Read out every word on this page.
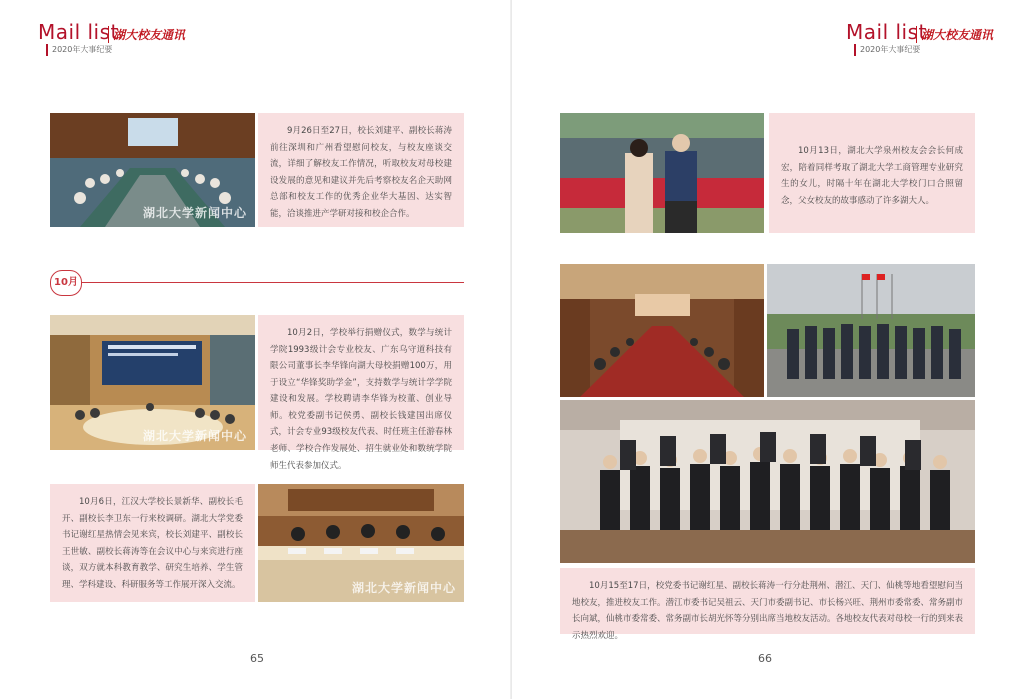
Mail list
2020年大事纪要
湖大校友通讯
湖北大学新闻中心
9月26日至27日，校长刘建平、副校长蒋涛前往深圳和广州看望慰问校友，与校友座谈交流，详细了解校友工作情况，听取校友对母校建设发展的意见和建议并先后考察校友名企天助网总部和校友工作的优秀企业华大基因、达实智能，洽谈推进产学研对接和校企合作。
10月
湖北大学新闻中心
10月2日，学校举行捐赠仪式，数学与统计学院1993级计会专业校友、广东乌守道科技有限公司董事长李华锋向湖大母校捐赠100万，用于设立“华锋奖助学金”，支持数学与统计学学院建设和发展。学校聘请李华锋为校董、创业导师。校党委副书记侯勇、副校长钱建国出席仪式，计会专业93级校友代表、时任班主任游春林老师、学校合作发展处、招生就业处和数统学院师生代表参加仪式。
10月6日，江汉大学校长景新华、副校长毛开、副校长李卫东一行来校调研。湖北大学党委书记谢红星热情会见来宾，校长刘建平、副校长王世敏、副校长蒋涛等在会议中心与来宾进行座谈，双方就本科教育教学、研究生培养、学生管理、学科建设、科研服务等工作展开深入交流。	湖北大学新闻中心
65
Mail list
2020年大事纪要
湖大校友通讯
10月13日，湖北大学泉州校友会会长何成宏，陪着同样考取了湖北大学工商管理专业研究生的女儿，时隔十年在湖北大学校门口合照留念，父女校友的故事感动了许多湖大人。
10月15至17日，校党委书记谢红星、副校长蒋涛一行分赴荆州、潜江、天门、仙桃等地看望慰问当地校友，推进校友工作。潜江市委书记吴祖云、天门市委副书记、市长杨兴旺、荆州市委常委、常务副市长向斌，仙桃市委常委、常务副市长胡光怀等分别出席当地校友活动。各地校友代表对母校一行的到来表示热烈欢迎。
66
